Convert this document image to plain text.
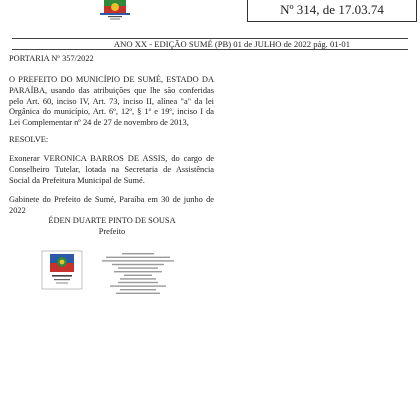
Nº 314, de 17.03.74
ANO XX - EDIÇÃO SUMÉ (PB) 01 de JULHO de 2022 pág. 01-01
PORTARIA Nº 357/2022
O PREFEITO DO MUNICÍPIO DE SUMÉ, ESTADO DA PARAÍBA, usando das atribuições que lhe são conferidas pelo Art. 60, inciso IV, Art. 73, inciso II, alínea "a" da lei Orgânica do município, Art. 6º, 12º, § 1º e 19º, inciso I da Lei Complementar nº 24 de 27 de novembro de 2013,
RESOLVE:
Exonerar VERONICA BARROS DE ASSIS, do cargo de Conselheiro Tutelar, lotada na Secretaria de Assistência Social da Prefeitura Municipal de Sumé.
Gabinete do Prefeito de Sumé, Paraíba em 30 de junho de 2022
ÉDEN DUARTE PINTO DE SOUSA
Prefeito
